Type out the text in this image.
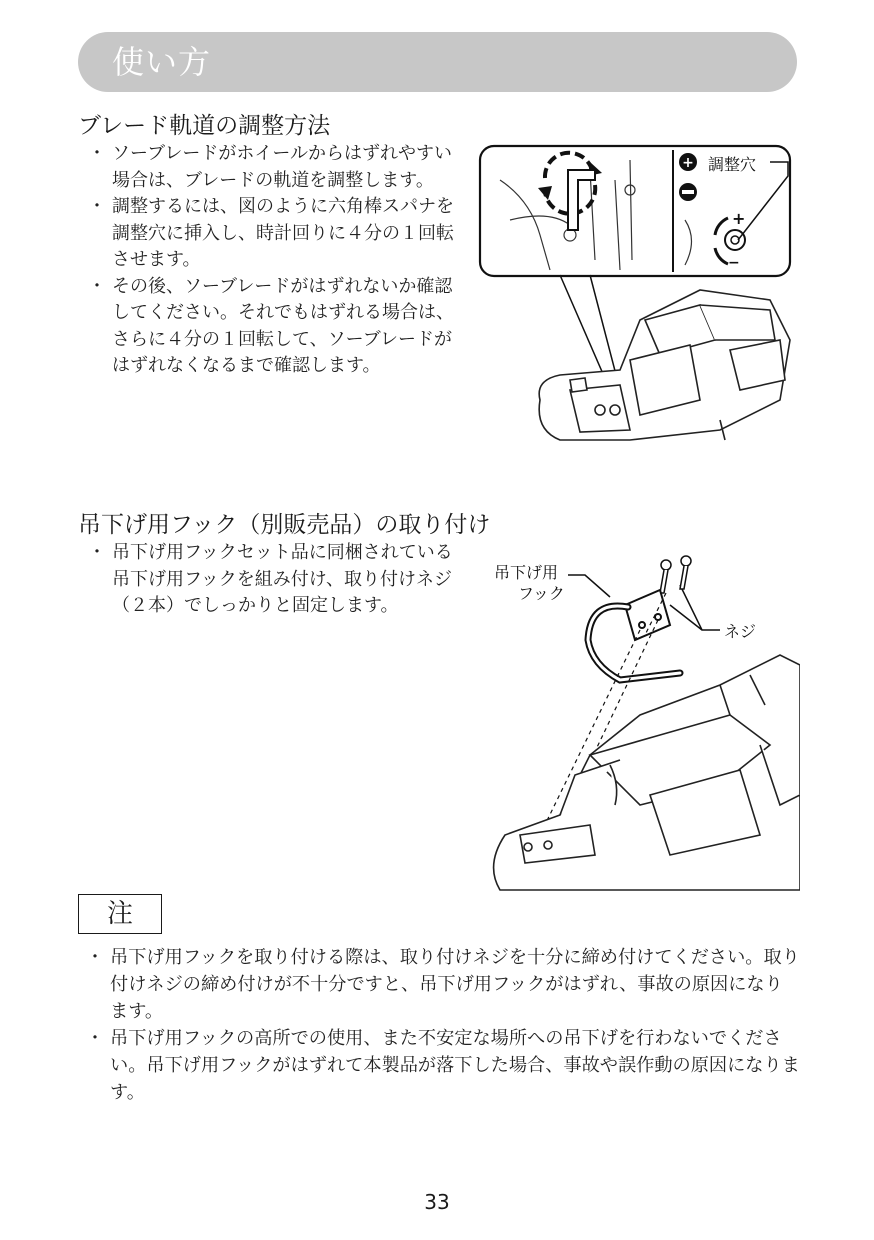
使い方
ブレード軌道の調整方法
・ ソーブレードがホイールからはずれやすい場合は、ブレードの軌道を調整します。
・ 調整するには、図のように六角棒スパナを調整穴に挿入し、時計回りに４分の１回転させます。
・ その後、ソーブレードがはずれないか確認してください。それでもはずれる場合は、さらに４分の１回転して、ソーブレードがはずれなくなるまで確認します。
+ 調整穴
+
−
吊下げ用フック（別販売品）の取り付け
・ 吊下げ用フックセット品に同梱されている吊下げ用フックを組み付け、取り付けネジ（２本）でしっかりと固定します。
吊下げ用
フック
ネジ
注
・ 吊下げ用フックを取り付ける際は、取り付けネジを十分に締め付けてください。取り付けネジの締め付けが不十分ですと、吊下げ用フックがはずれ、事故の原因になります。
・ 吊下げ用フックの高所での使用、また不安定な場所への吊下げを行わないでください。吊下げ用フックがはずれて本製品が落下した場合、事故や誤作動の原因になります。
33
